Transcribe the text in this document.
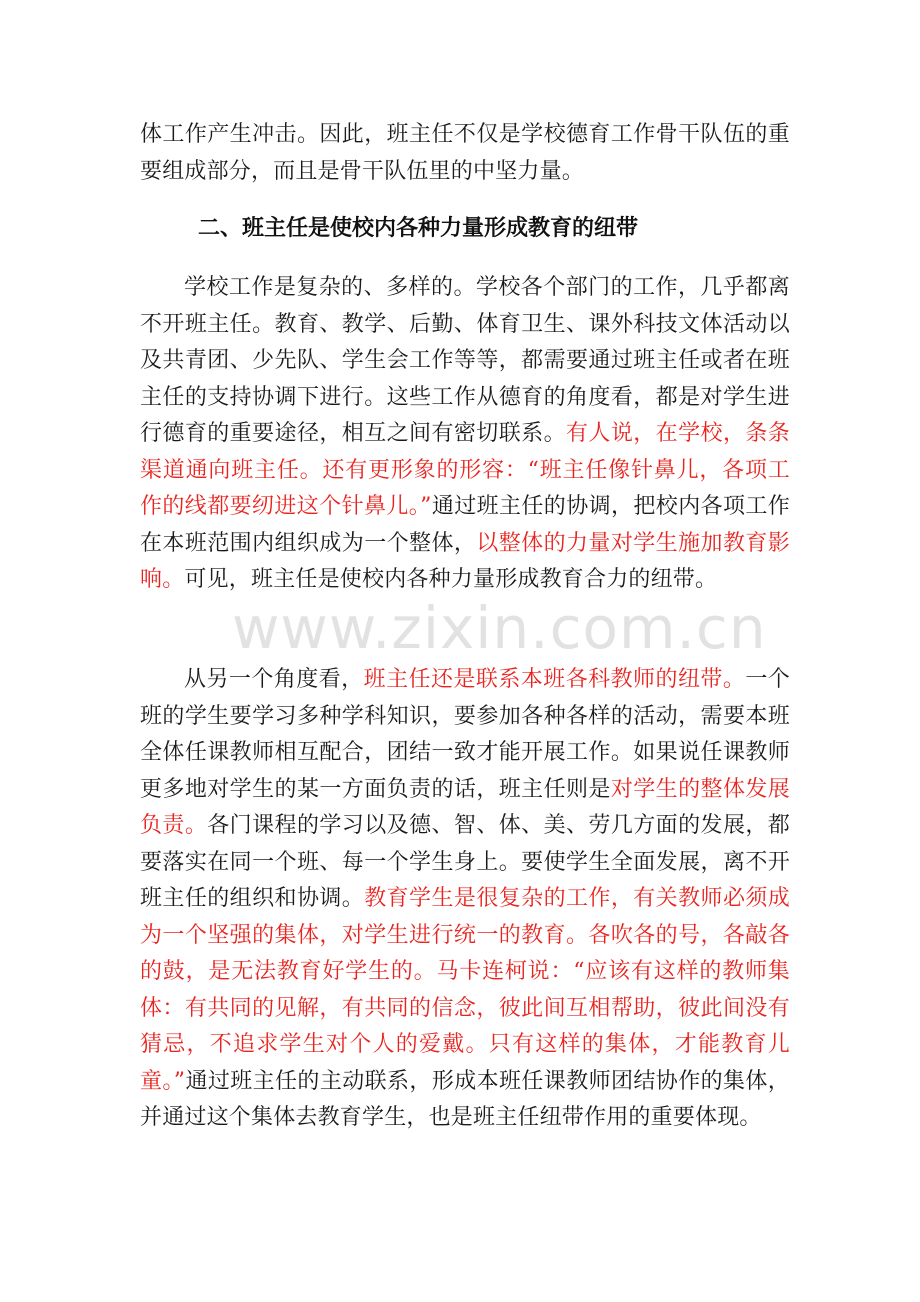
体工作产生冲击。因此，班主任不仅是学校德育工作骨干队伍的重要组成部分，而且是骨干队伍里的中坚力量。

二、班主任是使校内各种力量形成教育的纽带

学校工作是复杂的、多样的。学校各个部门的工作，几乎都离不开班主任。教育、教学、后勤、体育卫生、课外科技文体活动以及共青团、少先队、学生会工作等等，都需要通过班主任或者在班主任的支持协调下进行。这些工作从德育的角度看，都是对学生进行德育的重要途径，相互之间有密切联系。有人说，在学校，条条渠道通向班主任。还有更形象的形容：“班主任像针鼻儿，各项工作的线都要纫进这个针鼻儿。”通过班主任的协调，把校内各项工作在本班范围内组织成为一个整体，以整体的力量对学生施加教育影响。可见，班主任是使校内各种力量形成教育合力的纽带。

从另一个角度看，班主任还是联系本班各科教师的纽带。一个班的学生要学习多种学科知识，要参加各种各样的活动，需要本班全体任课教师相互配合，团结一致才能开展工作。如果说任课教师更多地对学生的某一方面负责的话，班主任则是对学生的整体发展负责。各门课程的学习以及德、智、体、美、劳几方面的发展，都要落实在同一个班、每一个学生身上。要使学生全面发展，离不开班主任的组织和协调。教育学生是很复杂的工作，有关教师必须成为一个坚强的集体，对学生进行统一的教育。各吹各的号，各敲各的鼓，是无法教育好学生的。马卡连柯说：“应该有这样的教师集体：有共同的见解，有共同的信念，彼此间互相帮助，彼此间没有猜忌，不追求学生对个人的爱戴。只有这样的集体，才能教育儿童。”通过班主任的主动联系，形成本班任课教师团结协作的集体，并通过这个集体去教育学生，也是班主任纽带作用的重要体现。

www.zixin.com.cn
